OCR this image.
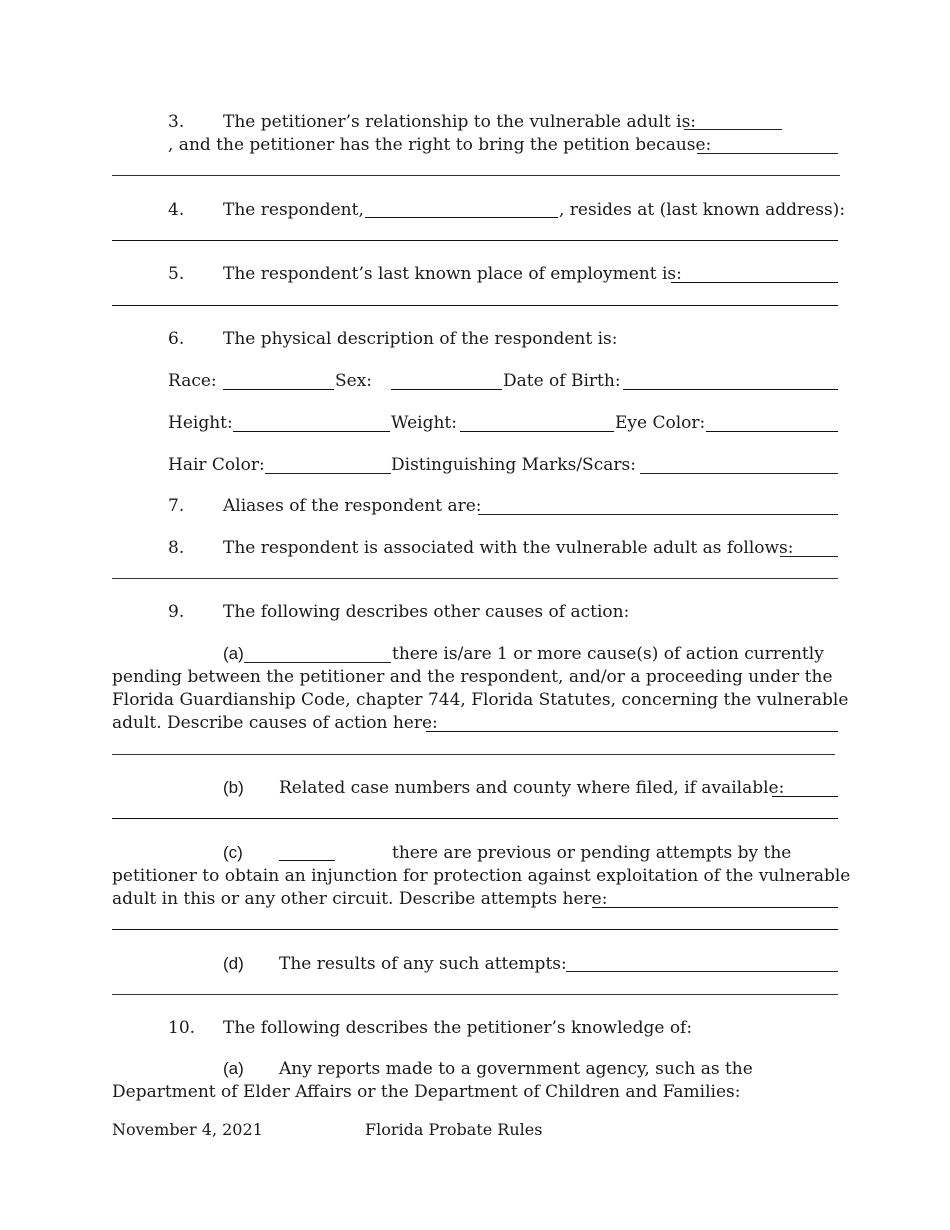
3. The petitioner’s relationship to the vulnerable adult is:
, and the petitioner has the right to bring the petition because:
4. The respondent,	, resides at (last known address):
5. The respondent’s last known place of employment is:
6. The physical description of the respondent is:
Race:	Sex:	Date of Birth:
Height:	Weight:	Eye Color:
Hair Color:	Distinguishing Marks/Scars:
7. Aliases of the respondent are:
8. The respondent is associated with the vulnerable adult as follows:
9. The following describes other causes of action:
(a)	there is/are 1 or more cause(s) of action currently
pending between the petitioner and the respondent, and/or a proceeding under the
Florida Guardianship Code, chapter 744, Florida Statutes, concerning the vulnerable
adult. Describe causes of action here:
(b) Related case numbers and county where filed, if available:
(c)	there are previous or pending attempts by the
petitioner to obtain an injunction for protection against exploitation of the vulnerable
adult in this or any other circuit. Describe attempts here:
(d) The results of any such attempts:
10. The following describes the petitioner’s knowledge of:
(a) Any reports made to a government agency, such as the
Department of Elder Affairs or the Department of Children and Families:
November 4, 2021	Florida Probate Rules
